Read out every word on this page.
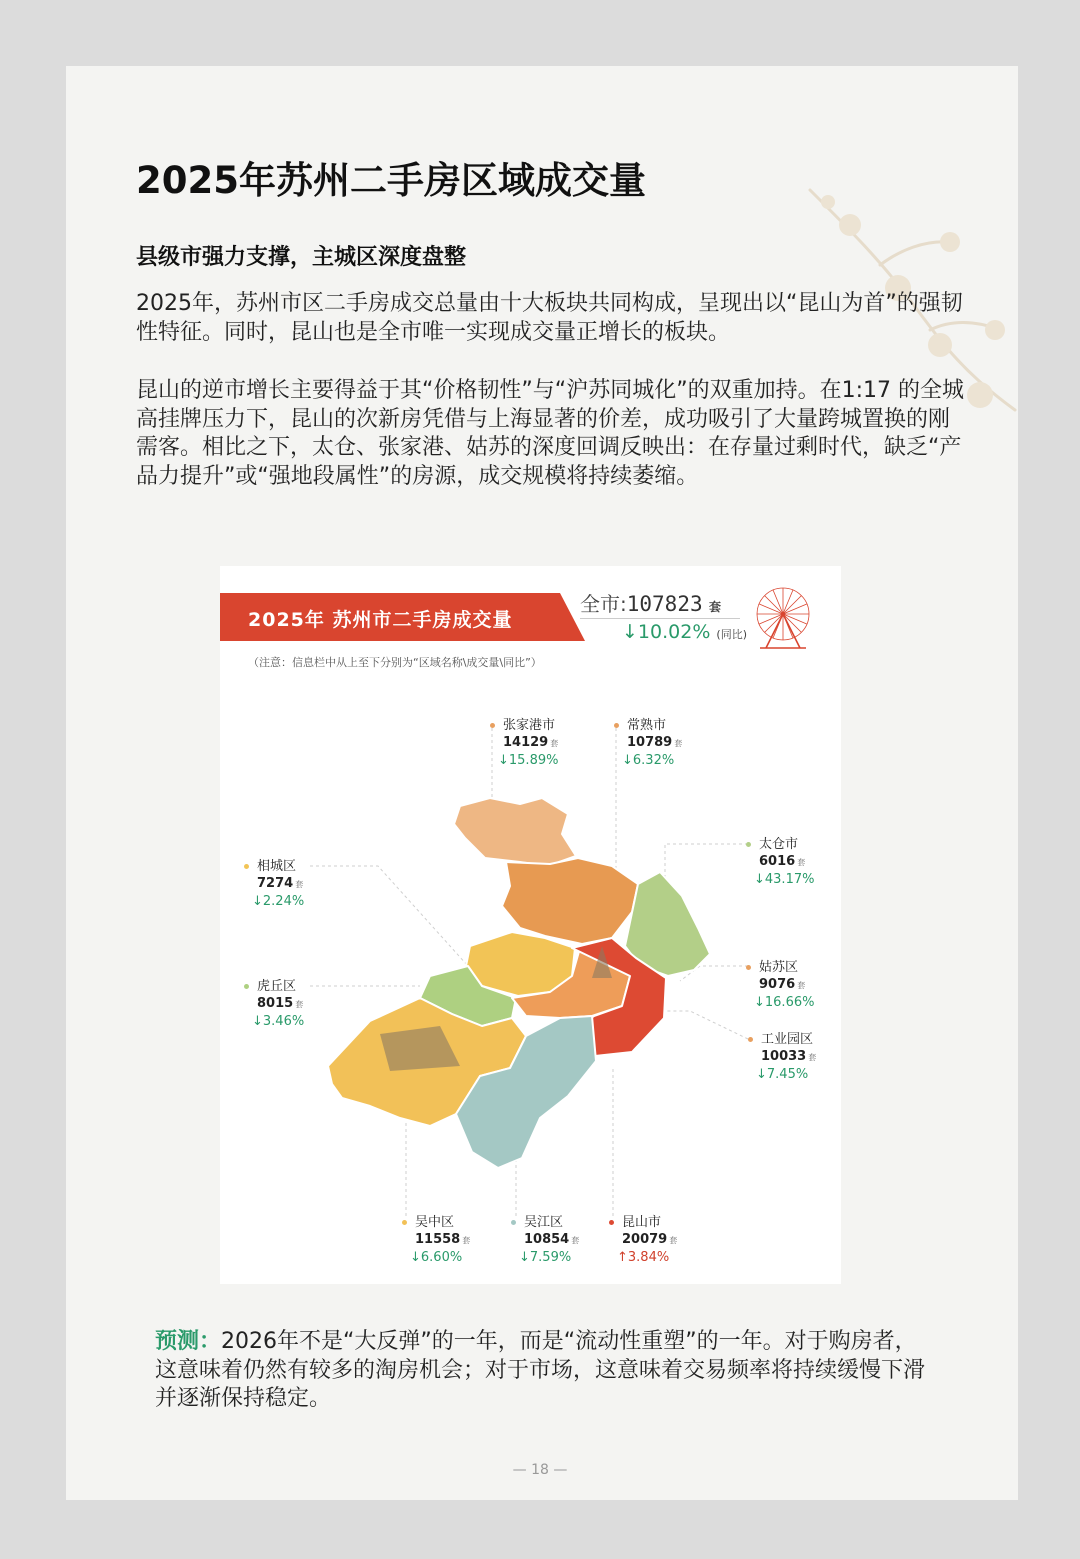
2025年苏州二手房区域成交量
县级市强力支撑，主城区深度盘整

2025年，苏州市区二手房成交总量由十大板块共同构成，呈现出以“昆山为首”的强韧性特征。同时，昆山也是全市唯一实现成交量正增长的板块。

昆山的逆市增长主要得益于其“价格韧性”与“沪苏同城化”的双重加持。在1:17 的全城高挂牌压力下，昆山的次新房凭借与上海显著的价差，成功吸引了大量跨城置换的刚需客。相比之下，太仓、张家港、姑苏的深度回调反映出：在存量过剩时代，缺乏“产品力提升”或“强地段属性”的房源，成交规模将持续萎缩。

2025年 苏州市二手房成交量
全市:107823 套
↓10.02% (同比)
（注意：信息栏中从上至下分别为“区域名称\成交量\同比”）
张家港市
14129 套
↓15.89%
常熟市
10789 套
↓6.32%
太仓市
6016 套
↓43.17%
相城区
7274 套
↓2.24%
虎丘区
8015 套
↓3.46%
姑苏区
9076 套
↓16.66%
工业园区
10033 套
↓7.45%
吴中区
11558 套
↓6.60%
吴江区
10854 套
↓7.59%
昆山市
20079 套
↑3.84%

预测：2026年不是“大反弹”的一年，而是“流动性重塑”的一年。对于购房者，这意味着仍然有较多的淘房机会；对于市场，这意味着交易频率将持续缓慢下滑并逐渐保持稳定。

— 18 —
